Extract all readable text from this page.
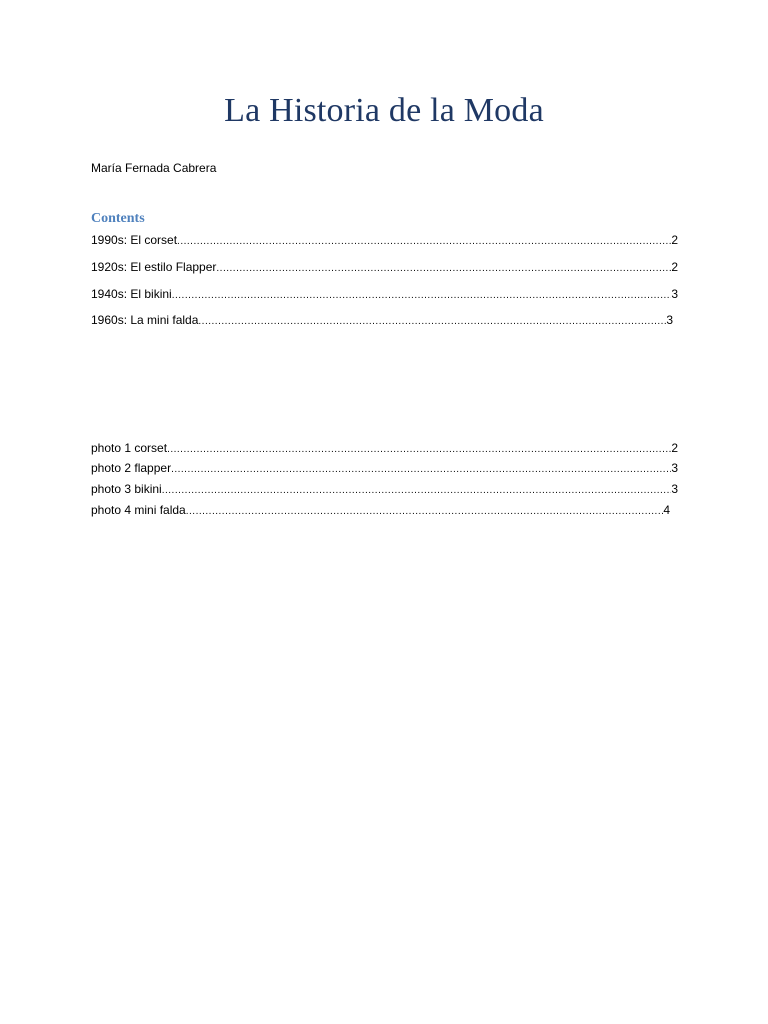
La Historia de la Moda
María Fernada Cabrera
Contents
1990s: El corset .....	2
1920s: El estilo Flapper .....	2
1940s: El bikini .....	3
1960s: La mini falda .....	3
photo 1 corset .....	2
photo 2 flapper .....	3
photo 3 bikini .....	3
photo 4 mini falda .....	4
